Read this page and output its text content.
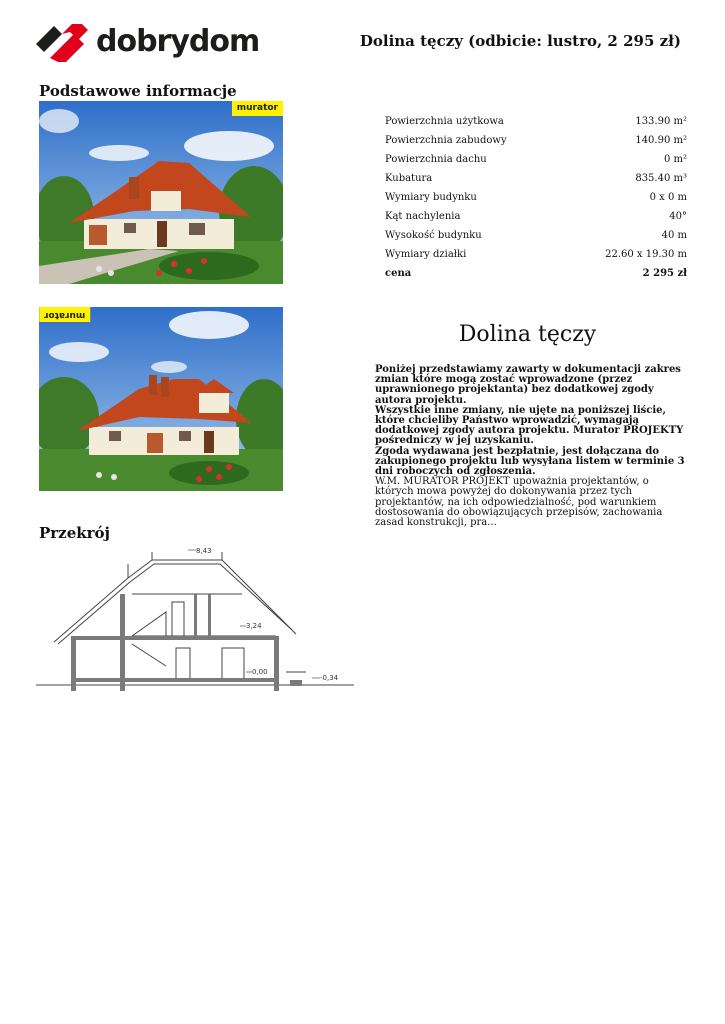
dobrydom	Dolina tęczy (odbicie: lustro, 2 295 zł)
Podstawowe informacje
murator
murator
Powierzchnia użytkowa	133.90 m²
Powierzchnia zabudowy	140.90 m²
Powierzchnia dachu	0 m²
Kubatura	835.40 m³
Wymiary budynku	0 x 0 m
Kąt nachylenia	40°
Wysokość budynku	40 m
Wymiary działki	22.60 x 19.30 m
cena	2 295 zł
Dolina tęczy
Poniżej przedstawiamy zawarty w dokumentacji zakres zmian które mogą zostać wprowadzone (przez uprawnionego projektanta) bez dodatkowej zgody autora projektu.
Wszystkie inne zmiany, nie ujęte na poniższej liście, które chcieliby Państwo wprowadzić, wymagają dodatkowej zgody autora projektu. Murator PROJEKTY pośredniczy w jej uzyskaniu.
Zgoda wydawana jest bezpłatnie, jest dołączana do zakupionego projektu lub wysyłana listem w terminie 3 dni roboczych od zgłoszenia.
W.M. MURATOR PROJEKT upoważnia projektantów, o których mowa powyżej do dokonywania przez tych projektantów, na ich odpowiedzialność, pod warunkiem dostosowania do obowiązujących przepisów, zachowania zasad konstrukcji, pra...
Przekrój
8,43
3,24
0,00
-0,34
